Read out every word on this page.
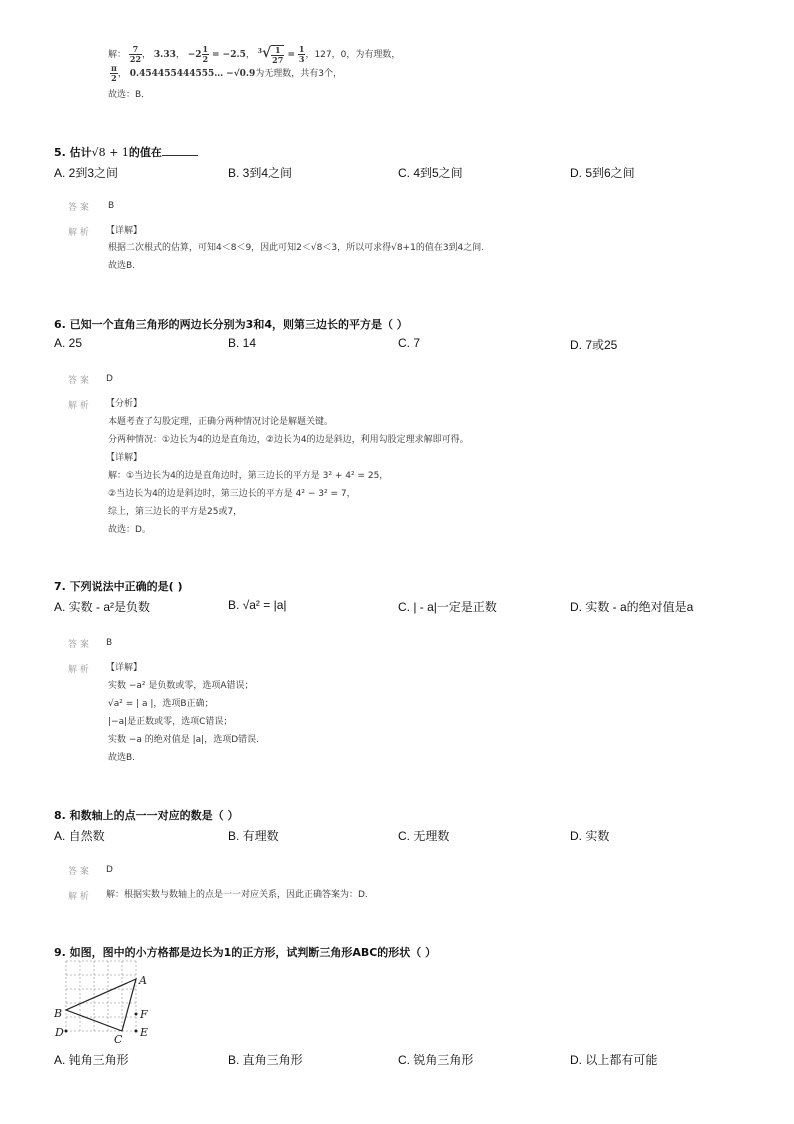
解： $\frac{7}{22}$ ， 3.33， $-2 \frac{1}{2} = -2.5$， $^3√ \frac{1}{27} = \frac{1}{3}$ ，127，0，为有理数，
$\frac{\pi}{2}$ ， 0.454455444555… −√0.9为无理数，共有3个，
故选：B．
5. 估计√8 + 1的值在
A. 2到3之间	B. 3到4之间	C. 4到5之间	D. 5到6之间
答 案 B
解 析 【详解】
根据二次根式的估算，可知4＜8＜9，因此可知2＜√8＜3，所以可求得√8+1的值在3到4之间.
故选B.
6. 已知一个直角三角形的两边长分别为3和4，则第三边长的平方是（ ）
A. 25	B. 14	C. 7	D. 7或25
答 案 D
解 析 【分析】
本题考查了勾股定理，正确分两种情况讨论是解题关键。
分两种情况：①边长为4的边是直角边，②边长为4的边是斜边，利用勾股定理求解即可得。
【详解】
解：①当边长为4的边是直角边时，第三边长的平方是 3² + 4² = 25，
②当边长为4的边是斜边时，第三边长的平方是 4² − 3² = 7，
综上，第三边长的平方是25或7，
故选：D。
7. 下列说法中正确的是( )
A. 实数 - a²是负数	B. √a² = |a|	C. | - a|一定是正数	D. 实数 - a的绝对值是a
答 案 B
解 析 【详解】
实数 −a² 是负数或零，选项A错误；
√a² = | a |，选项B正确；
|−a|是正数或零，选项C错误；
实数 −a 的绝对值是 |a|，选项D错误.
故选B.
8. 和数轴上的点一一对应的数是（ ）
A. 自然数	B. 有理数	C. 无理数	D. 实数
答 案 D
解 析 解：根据实数与数轴上的点是一一对应关系，因此正确答案为：D.
9. 如图，图中的小方格都是边长为1的正方形，试判断三角形ABC的形状（ ）
A
B
C
D	E
F
A. 钝角三角形	B. 直角三角形	C. 锐角三角形	D. 以上都有可能
